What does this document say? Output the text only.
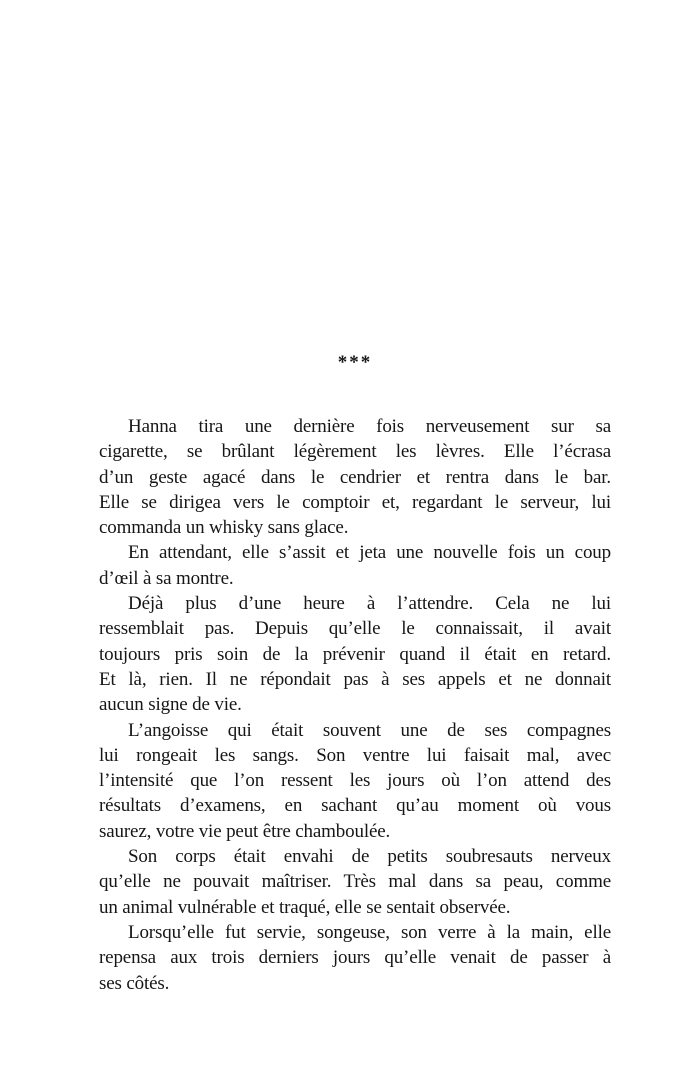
***

Hanna tira une dernière fois nerveusement sur sa
cigarette, se brûlant légèrement les lèvres. Elle l’écrasa
d’un geste agacé dans le cendrier et rentra dans le bar.
Elle se dirigea vers le comptoir et, regardant le serveur, lui
commanda un whisky sans glace.

En attendant, elle s’assit et jeta une nouvelle fois un coup
d’œil à sa montre.

Déjà plus d’une heure à l’attendre. Cela ne lui
ressemblait pas. Depuis qu’elle le connaissait, il avait
toujours pris soin de la prévenir quand il était en retard.
Et là, rien. Il ne répondait pas à ses appels et ne donnait
aucun signe de vie.

L’angoisse qui était souvent une de ses compagnes
lui rongeait les sangs. Son ventre lui faisait mal, avec
l’intensité que l’on ressent les jours où l’on attend des
résultats d’examens, en sachant qu’au moment où vous
saurez, votre vie peut être chamboulée.

Son corps était envahi de petits soubresauts nerveux
qu’elle ne pouvait maîtriser. Très mal dans sa peau, comme
un animal vulnérable et traqué, elle se sentait observée.

Lorsqu’elle fut servie, songeuse, son verre à la main, elle
repensa aux trois derniers jours qu’elle venait de passer à
ses côtés.
